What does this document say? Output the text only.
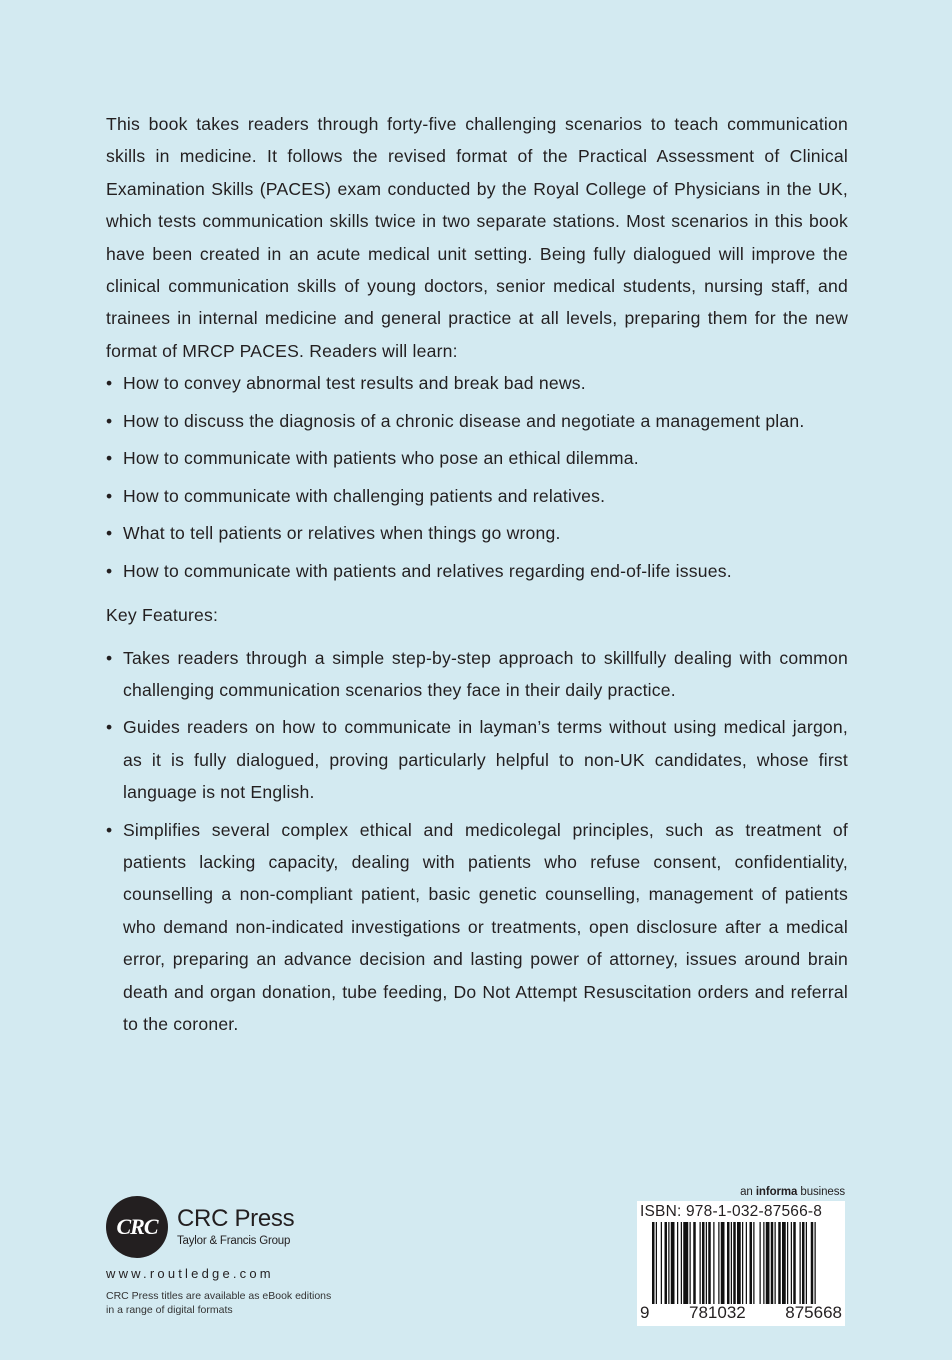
This book takes readers through forty-five challenging scenarios to teach communication skills in medicine. It follows the revised format of the Practical Assessment of Clinical Examination Skills (PACES) exam conducted by the Royal College of Physicians in the UK, which tests communication skills twice in two separate stations. Most scenarios in this book have been created in an acute medical unit setting. Being fully dialogued will improve the clinical communication skills of young doctors, senior medical students, nursing staff, and trainees in internal medicine and general practice at all levels, preparing them for the new format of MRCP PACES. Readers will learn:

• How to convey abnormal test results and break bad news.
• How to discuss the diagnosis of a chronic disease and negotiate a management plan.
• How to communicate with patients who pose an ethical dilemma.
• How to communicate with challenging patients and relatives.
• What to tell patients or relatives when things go wrong.
• How to communicate with patients and relatives regarding end-of-life issues.
Key Features:
• Takes readers through a simple step-by-step approach to skillfully dealing with common challenging communication scenarios they face in their daily practice.
• Guides readers on how to communicate in layman’s terms without using medical jargon, as it is fully dialogued, proving particularly helpful to non-UK candidates, whose first language is not English.
• Simplifies several complex ethical and medicolegal principles, such as treatment of patients lacking capacity, dealing with patients who refuse consent, confidentiality, counselling a non-compliant patient, basic genetic counselling, management of patients who demand non-indicated investigations or treatments, open disclosure after a medical error, preparing an advance decision and lasting power of attorney, issues around brain death and organ donation, tube feeding, Do Not Attempt Resuscitation orders and referral to the coroner.
CRC CRC Press
Taylor & Francis Group
www.routledge.com
CRC Press titles are available as eBook editions
in a range of digital formats
an informa business
ISBN: 978-1-032-87566-8
9 781032 875668
